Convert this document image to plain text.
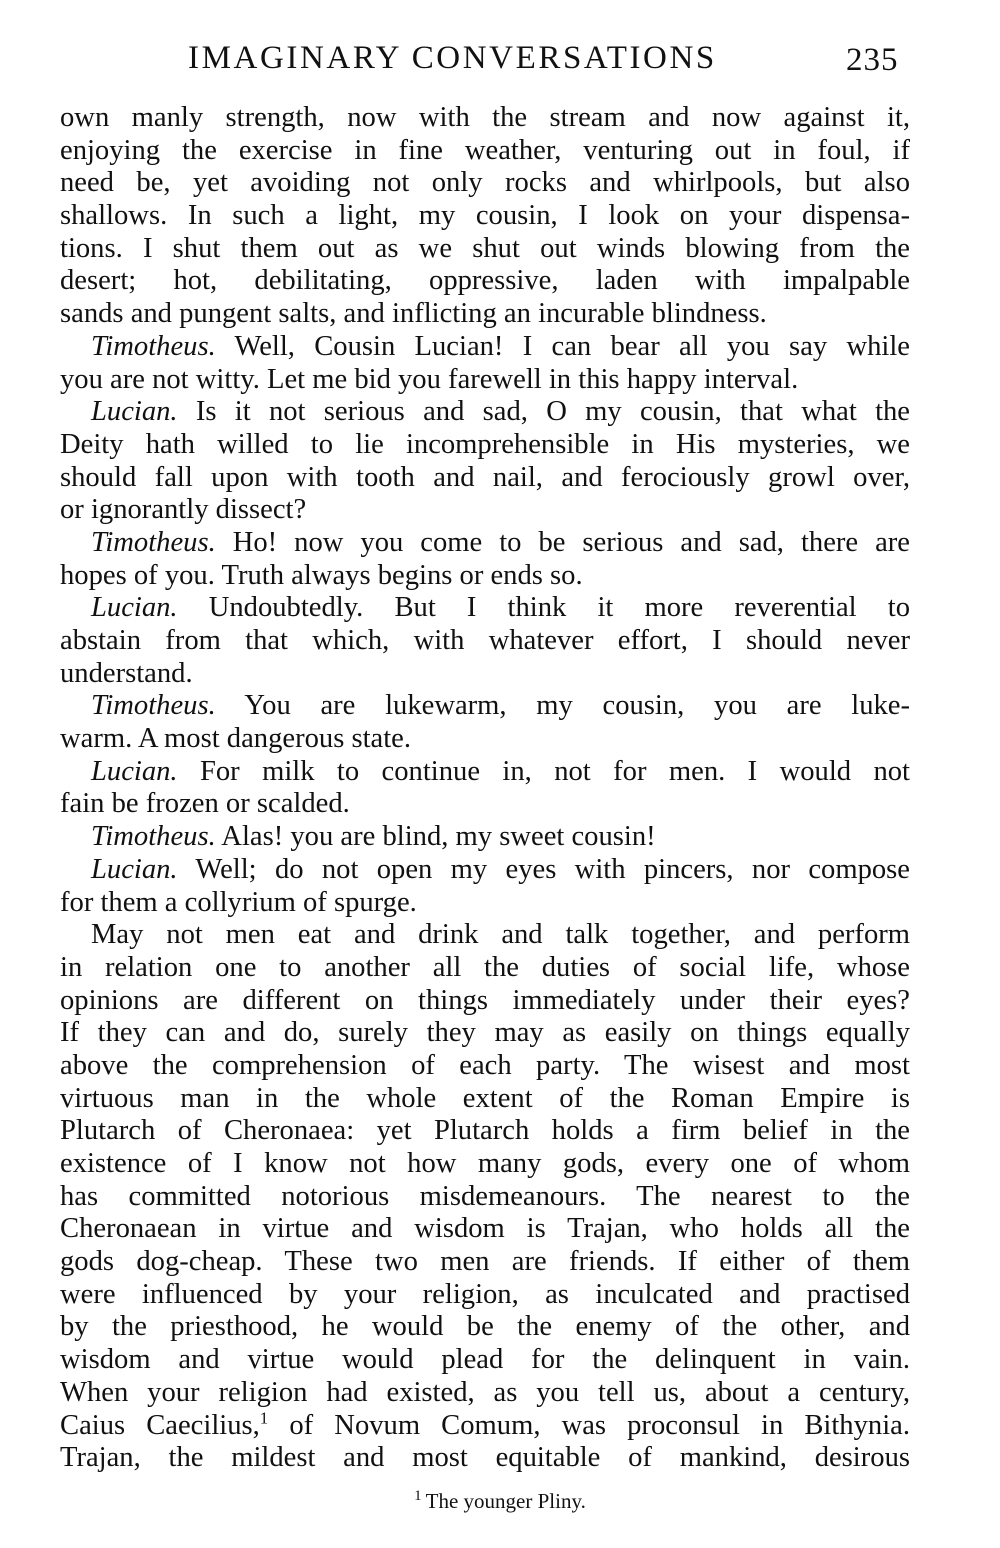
IMAGINARY CONVERSATIONS	235
own manly strength, now with the stream and now against it,
enjoying the exercise in fine weather, venturing out in foul, if
need be, yet avoiding not only rocks and whirlpools, but also
shallows. In such a light, my cousin, I look on your dispensa-
tions. I shut them out as we shut out winds blowing from the
desert; hot, debilitating, oppressive, laden with impalpable
sands and pungent salts, and inflicting an incurable blindness.
Timotheus. Well, Cousin Lucian! I can bear all you say while
you are not witty. Let me bid you farewell in this happy interval.
Lucian. Is it not serious and sad, O my cousin, that what the
Deity hath willed to lie incomprehensible in His mysteries, we
should fall upon with tooth and nail, and ferociously growl over,
or ignorantly dissect?
Timotheus. Ho! now you come to be serious and sad, there are
hopes of you. Truth always begins or ends so.
Lucian. Undoubtedly. But I think it more reverential to
abstain from that which, with whatever effort, I should never
understand.
Timotheus. You are lukewarm, my cousin, you are luke-
warm. A most dangerous state.
Lucian. For milk to continue in, not for men. I would not
fain be frozen or scalded.
Timotheus. Alas! you are blind, my sweet cousin!
Lucian. Well; do not open my eyes with pincers, nor compose
for them a collyrium of spurge.
May not men eat and drink and talk together, and perform
in relation one to another all the duties of social life, whose
opinions are different on things immediately under their eyes?
If they can and do, surely they may as easily on things equally
above the comprehension of each party. The wisest and most
virtuous man in the whole extent of the Roman Empire is
Plutarch of Cheronaea: yet Plutarch holds a firm belief in the
existence of I know not how many gods, every one of whom
has committed notorious misdemeanours. The nearest to the
Cheronaean in virtue and wisdom is Trajan, who holds all the
gods dog-cheap. These two men are friends. If either of them
were influenced by your religion, as inculcated and practised
by the priesthood, he would be the enemy of the other, and
wisdom and virtue would plead for the delinquent in vain.
When your religion had existed, as you tell us, about a century,
Caius Caecilius,$^1$ of Novum Comum, was proconsul in Bithynia.
Trajan, the mildest and most equitable of mankind, desirous
$^1$ The younger Pliny.
